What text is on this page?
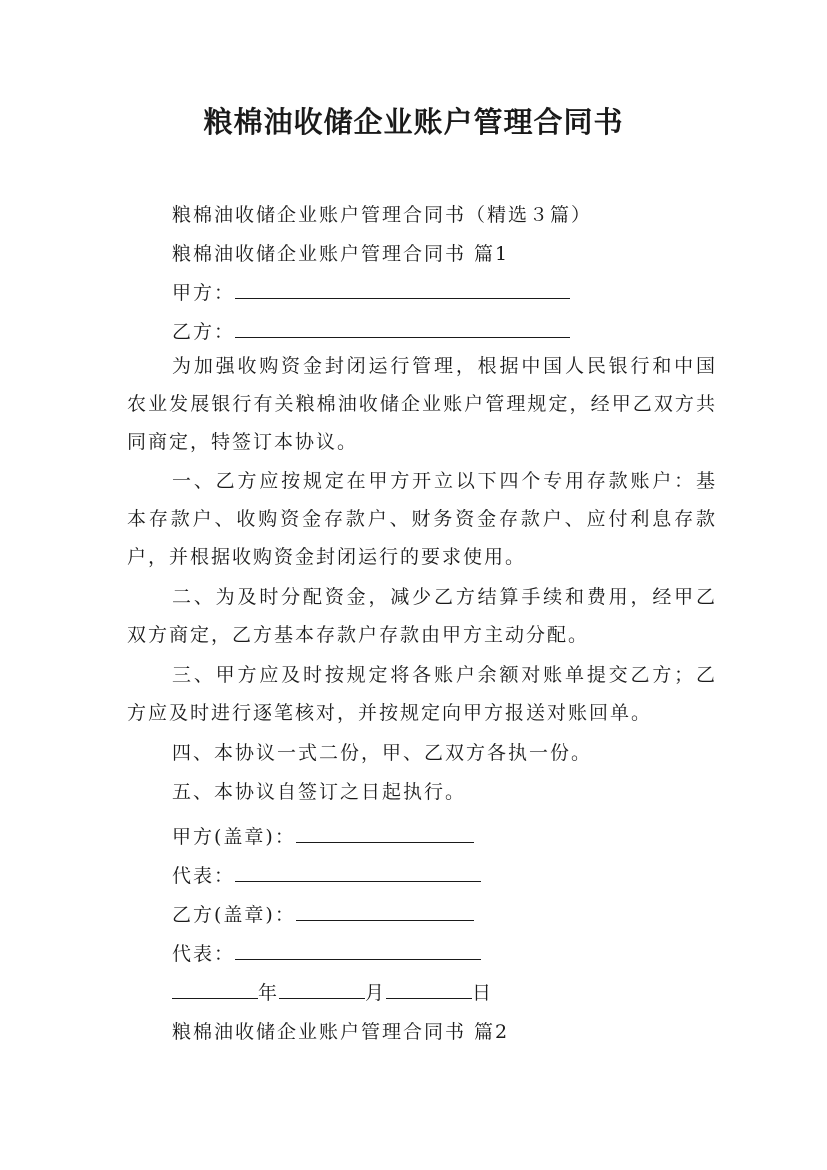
粮棉油收储企业账户管理合同书
粮棉油收储企业账户管理合同书（精选３篇）
粮棉油收储企业账户管理合同书 篇1
甲方：
乙方：
为加强收购资金封闭运行管理，根据中国人民银行和中国农业发展银行有关粮棉油收储企业账户管理规定，经甲乙双方共同商定，特签订本协议。
一、乙方应按规定在甲方开立以下四个专用存款账户：基本存款户、收购资金存款户、财务资金存款户、应付利息存款户，并根据收购资金封闭运行的要求使用。
二、为及时分配资金，减少乙方结算手续和费用，经甲乙双方商定，乙方基本存款户存款由甲方主动分配。
三、甲方应及时按规定将各账户余额对账单提交乙方；乙方应及时进行逐笔核对，并按规定向甲方报送对账回单。
四、本协议一式二份，甲、乙双方各执一份。
五、本协议自签订之日起执行。
甲方(盖章)：
代表：
乙方(盖章)：
代表：
年	月	日
粮棉油收储企业账户管理合同书 篇2
